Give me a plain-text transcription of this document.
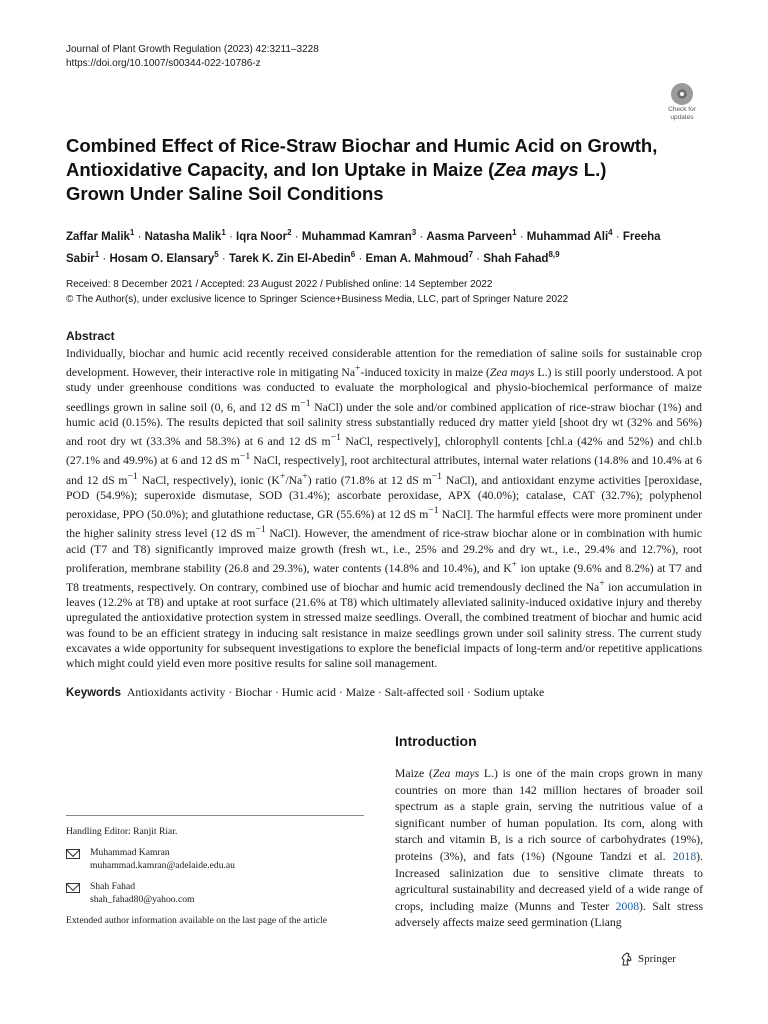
Journal of Plant Growth Regulation (2023) 42:3211–3228
https://doi.org/10.1007/s00344-022-10786-z
Check for
updates
Combined Effect of Rice-Straw Biochar and Humic Acid on Growth, Antioxidative Capacity, and Ion Uptake in Maize (Zea mays L.) Grown Under Saline Soil Conditions
Zaffar Malik$^1$ · Natasha Malik$^1$ · Iqra Noor$^2$ · Muhammad Kamran$^3$ · Aasma Parveen$^1$ · Muhammad Ali$^4$ · Freeha Sabir$^1$ · Hosam O. Elansary$^5$ · Tarek K. Zin El-Abedin$^6$ · Eman A. Mahmoud$^7$ · Shah Fahad$^{8,9}$
Received: 8 December 2021 / Accepted: 23 August 2022 / Published online: 14 September 2022
© The Author(s), under exclusive licence to Springer Science+Business Media, LLC, part of Springer Nature 2022
Abstract

Individually, biochar and humic acid recently received considerable attention for the remediation of saline soils for sustainable crop development. However, their interactive role in mitigating Na+-induced toxicity in maize (Zea mays L.) is still poorly understood. A pot study under greenhouse conditions was conducted to evaluate the morphological and physio-biochemical performance of maize seedlings grown in saline soil (0, 6, and 12 dS $m^{-1}$ NaCl) under the sole and/or combined application of rice-straw biochar (1%) and humic acid (0.15%). The results depicted that soil salinity stress substantially reduced dry matter yield [shoot dry wt (32% and 56%) and root dry wt (33.3% and 58.3%) at 6 and 12 dS $m^{-1}$ NaCl, respectively], chlorophyll contents [chl.a (42% and 52%) and chl.b (27.1% and 49.9%) at 6 and 12 dS $m^{-1}$ NaCl, respectively], root architectural attributes, internal water relations (14.8% and 10.4% at 6 and 12 dS $m^{-1}$ NaCl, respectively), ionic (K+/Na+) ratio (71.8% at 12 dS $m^{-1}$ NaCl), and antioxidant enzyme activities [peroxidase, POD (54.9%); superoxide dismutase, SOD (31.4%); ascorbate peroxidase, APX (40.0%); catalase, CAT (32.7%); polyphenol peroxidase, PPO (50.0%); and glutathione reductase, GR (55.6%) at 12 dS $m^{-1}$ NaCl]. The harmful effects were more prominent under the higher salinity stress level (12 dS $m^{-1}$ NaCl). However, the amendment of rice-straw biochar alone or in combination with humic acid (T7 and T8) significantly improved maize growth (fresh wt., i.e., 25% and 29.2% and dry wt., i.e., 29.4% and 12.7%), root proliferation, membrane stability (26.8 and 29.3%), water contents (14.8% and 10.4%), and K+ ion uptake (9.6% and 8.2%) at T7 and T8 treatments, respectively. On contrary, combined use of biochar and humic acid tremendously declined the Na+ ion accumulation in leaves (12.2% at T8) and uptake at root surface (21.6% at T8) which ultimately alleviated salinity-induced oxidative injury and thereby upregulated the antioxidative protection system in stressed maize seedlings. Overall, the combined treatment of biochar and humic acid was found to be an efficient strategy in inducing salt resistance in maize seedlings grown under soil salinity stress. The current study excavates a wide opportunity for subsequent investigations to explore the beneficial impacts of long-term and/or repetitive applications which might could yield even more positive results for saline soil management.

Keywords Antioxidants activity · Biochar · Humic acid · Maize · Salt-affected soil · Sodium uptake
Introduction

Maize (Zea mays L.) is one of the main crops grown in many countries on more than 142 million hectares of broader soil spectrum as a staple grain, serving the nutritious value of a significant number of human population. Its corn, along with starch and vitamin B, is a rich source of carbohydrates (19%), proteins (3%), and fats (1%) (Ngoune Tandzi et al. 2018). Increased salinization due to sensitive climate threats to agricultural sustainability and decreased yield of a wide range of crops, including maize (Munns and Tester 2008). Salt stress adversely affects maize seed germination (Liang

Handling Editor: Ranjit Riar.
Muhammad Kamran
muhammad.kamran@adelaide.edu.au
Shah Fahad
shah_fahad80@yahoo.com
Extended author information available on the last page of the article
Springer
